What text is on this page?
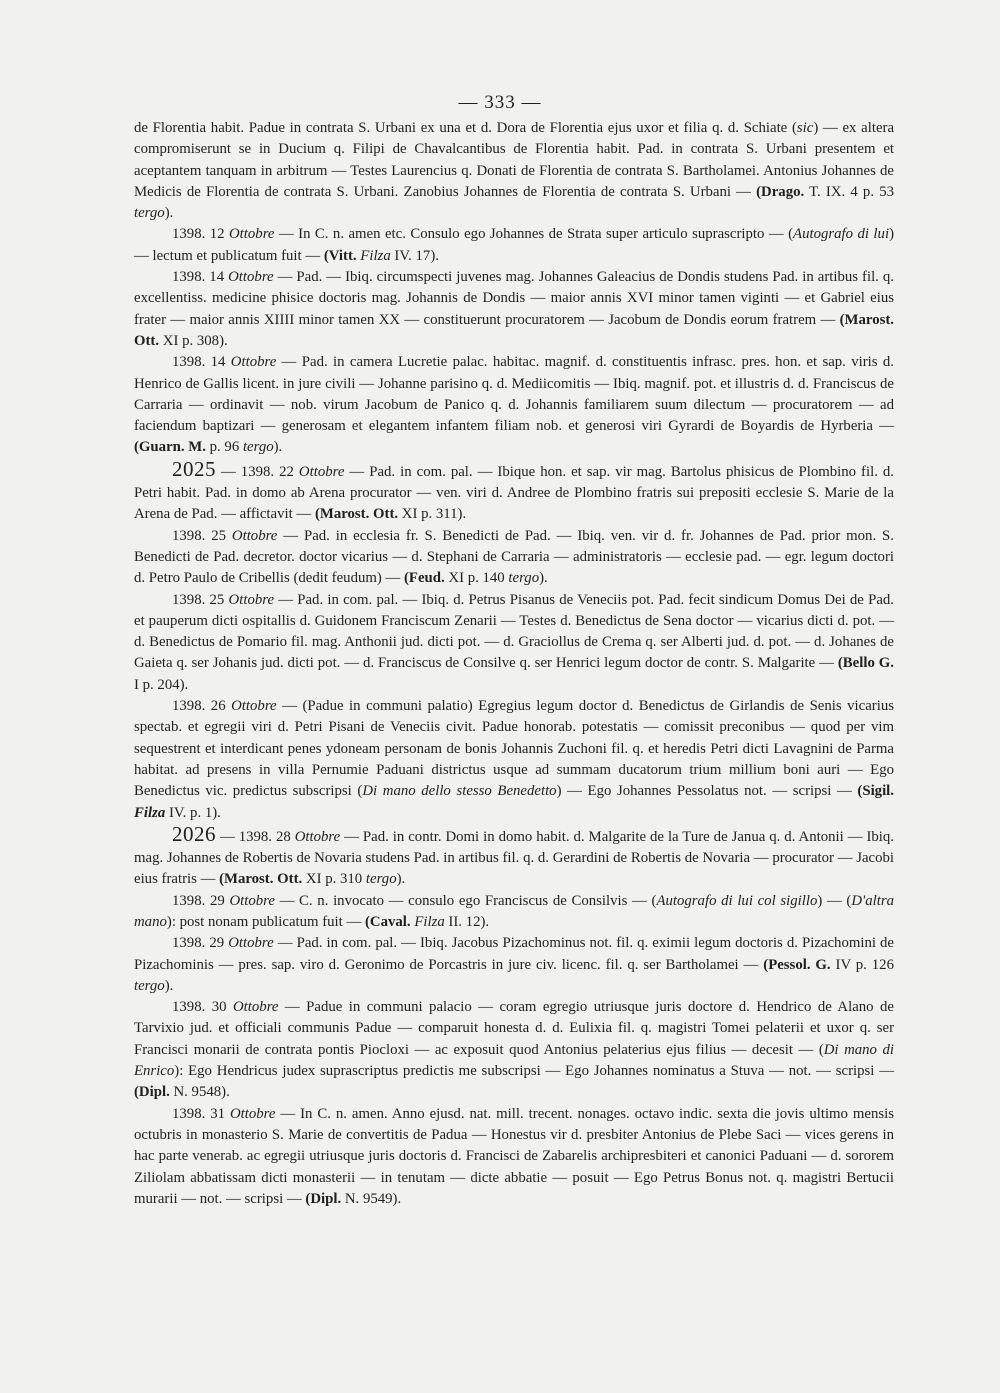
— 333 —

de Florentia habit. Padue in contrata S. Urbani ex una et d. Dora de Florentia ejus uxor et filia q. d. Schiate (sic) — ex altera compromiserunt se in Ducium q. Filipi de Chavalcantibus de Florentia habit. Pad. in contrata S. Urbani presentem et aceptantem tanquam in arbitrum — Testes Laurencius q. Donati de Florentia de contrata S. Bartholamei. Antonius Johannes de Medicis de Florentia de contrata S. Urbani. Zanobius Johannes de Florentia de contrata S. Urbani — (Drago. T. IX. 4 p. 53 tergo).

1398. 12 Ottobre — In C. n. amen etc. Consulo ego Johannes de Strata super articulo suprascripto — (Autografo di lui) — lectum et publicatum fuit — (Vitt. Filza IV. 17).

1398. 14 Ottobre — Pad. — Ibiq. circumspecti juvenes mag. Johannes Galeacius de Dondis studens Pad. in artibus fil. q. excellentiss. medicine phisice doctoris mag. Johannis de Dondis — maior annis XVI minor tamen viginti — et Gabriel eius frater — maior annis XIIII minor tamen XX — constituerunt procuratorem — Jacobum de Dondis eorum fratrem — (Marost. Ott. XI p. 308).

1398. 14 Ottobre — Pad. in camera Lucretie palac. habitac. magnif. d. constituentis infrasc. pres. hon. et sap. viris d. Henrico de Gallis licent. in jure civili — Johanne parisino q. d. Mediicomitis — Ibiq. magnif. pot. et illustris d. d. Franciscus de Carraria — ordinavit — nob. virum Jacobum de Panico q. d. Johannis familiarem suum dilectum — procuratorem — ad faciendum baptizari — generosam et elegantem infantem filiam nob. et generosi viri Gyrardi de Boyardis de Hyrberia — (Guarn. M. p. 96 tergo).

2025 — 1398. 22 Ottobre — Pad. in com. pal. — Ibique hon. et sap. vir mag. Bartolus phisicus de Plombino fil. d. Petri habit. Pad. in domo ab Arena procurator — ven. viri d. Andree de Plombino fratris sui prepositi ecclesie S. Marie de la Arena de Pad. — affictavit — (Marost. Ott. XI p. 311).

1398. 25 Ottobre — Pad. in ecclesia fr. S. Benedicti de Pad. — Ibiq. ven. vir d. fr. Johannes de Pad. prior mon. S. Benedicti de Pad. decretor. doctor vicarius — d. Stephani de Carraria — administratoris — ecclesie pad. — egr. legum doctori d. Petro Paulo de Cribellis (dedit feudum) — (Feud. XI p. 140 tergo).

1398. 25 Ottobre — Pad. in com. pal. — Ibiq. d. Petrus Pisanus de Veneciis pot. Pad. fecit sindicum Domus Dei de Pad. et pauperum dicti ospitallis d. Guidonem Franciscum Zenarii — Testes d. Benedictus de Sena doctor — vicarius dicti d. pot. — d. Benedictus de Pomario fil. mag. Anthonii jud. dicti pot. — d. Graciollus de Crema q. ser Alberti jud. d. pot. — d. Johanes de Gaieta q. ser Johanis jud. dicti pot. — d. Franciscus de Consilve q. ser Henrici legum doctor de contr. S. Malgarite — (Bello G. I p. 204).

1398. 26 Ottobre — (Padue in communi palatio) Egregius legum doctor d. Benedictus de Girlandis de Senis vicarius spectab. et egregii viri d. Petri Pisani de Veneciis civit. Padue honorab. potestatis — comissit preconibus — quod per vim sequestrent et interdicant penes ydoneam personam de bonis Johannis Zuchoni fil. q. et heredis Petri dicti Lavagnini de Parma habitat. ad presens in villa Pernumie Paduani districtus usque ad summam ducatorum trium millium boni auri — Ego Benedictus vic. predictus subscripsi (Di mano dello stesso Benedetto) — Ego Johannes Pessolatus not. — scripsi — (Sigil. Filza IV. p. 1).

2026 — 1398. 28 Ottobre — Pad. in contr. Domi in domo habit. d. Malgarite de la Ture de Janua q. d. Antonii — Ibiq. mag. Johannes de Robertis de Novaria studens Pad. in artibus fil. q. d. Gerardini de Robertis de Novaria — procurator — Jacobi eius fratris — (Marost. Ott. XI p. 310 tergo).

1398. 29 Ottobre — C. n. invocato — consulo ego Franciscus de Consilvis — (Autografo di lui col sigillo) — (D'altra mano): post nonam publicatum fuit — (Caval. Filza II. 12).

1398. 29 Ottobre — Pad. in com. pal. — Ibiq. Jacobus Pizachominus not. fil. q. eximii legum doctoris d. Pizachomini de Pizachominis — pres. sap. viro d. Geronimo de Porcastris in jure civ. licenc. fil. q. ser Bartholamei — (Pessol. G. IV p. 126 tergo).

1398. 30 Ottobre — Padue in communi palacio — coram egregio utriusque juris doctore d. Hendrico de Alano de Tarvixio jud. et officiali communis Padue — comparuit honesta d. d. Eulixia fil. q. magistri Tomei pelaterii et uxor q. ser Francisci monarii de contrata pontis Piocloxi — ac exposuit quod Antonius pelaterius ejus filius — decesit — (Di mano di Enrico): Ego Hendricus judex suprascriptus predictis me subscripsi — Ego Johannes nominatus a Stuva — not. — scripsi — (Dipl. N. 9548).

1398. 31 Ottobre — In C. n. amen. Anno ejusd. nat. mill. trecent. nonages. octavo indic. sexta die jovis ultimo mensis octubris in monasterio S. Marie de convertitis de Padua — Honestus vir d. presbiter Antonius de Plebe Saci — vices gerens in hac parte venerab. ac egregii utriusque juris doctoris d. Francisci de Zabarelis archipresbiteri et canonici Paduani — d. sororem Ziliolam abbatissam dicti monasterii — in tenutam — dicte abbatie — posuit — Ego Petrus Bonus not. q. magistri Bertucii murarii — not. — scripsi — (Dipl. N. 9549).
